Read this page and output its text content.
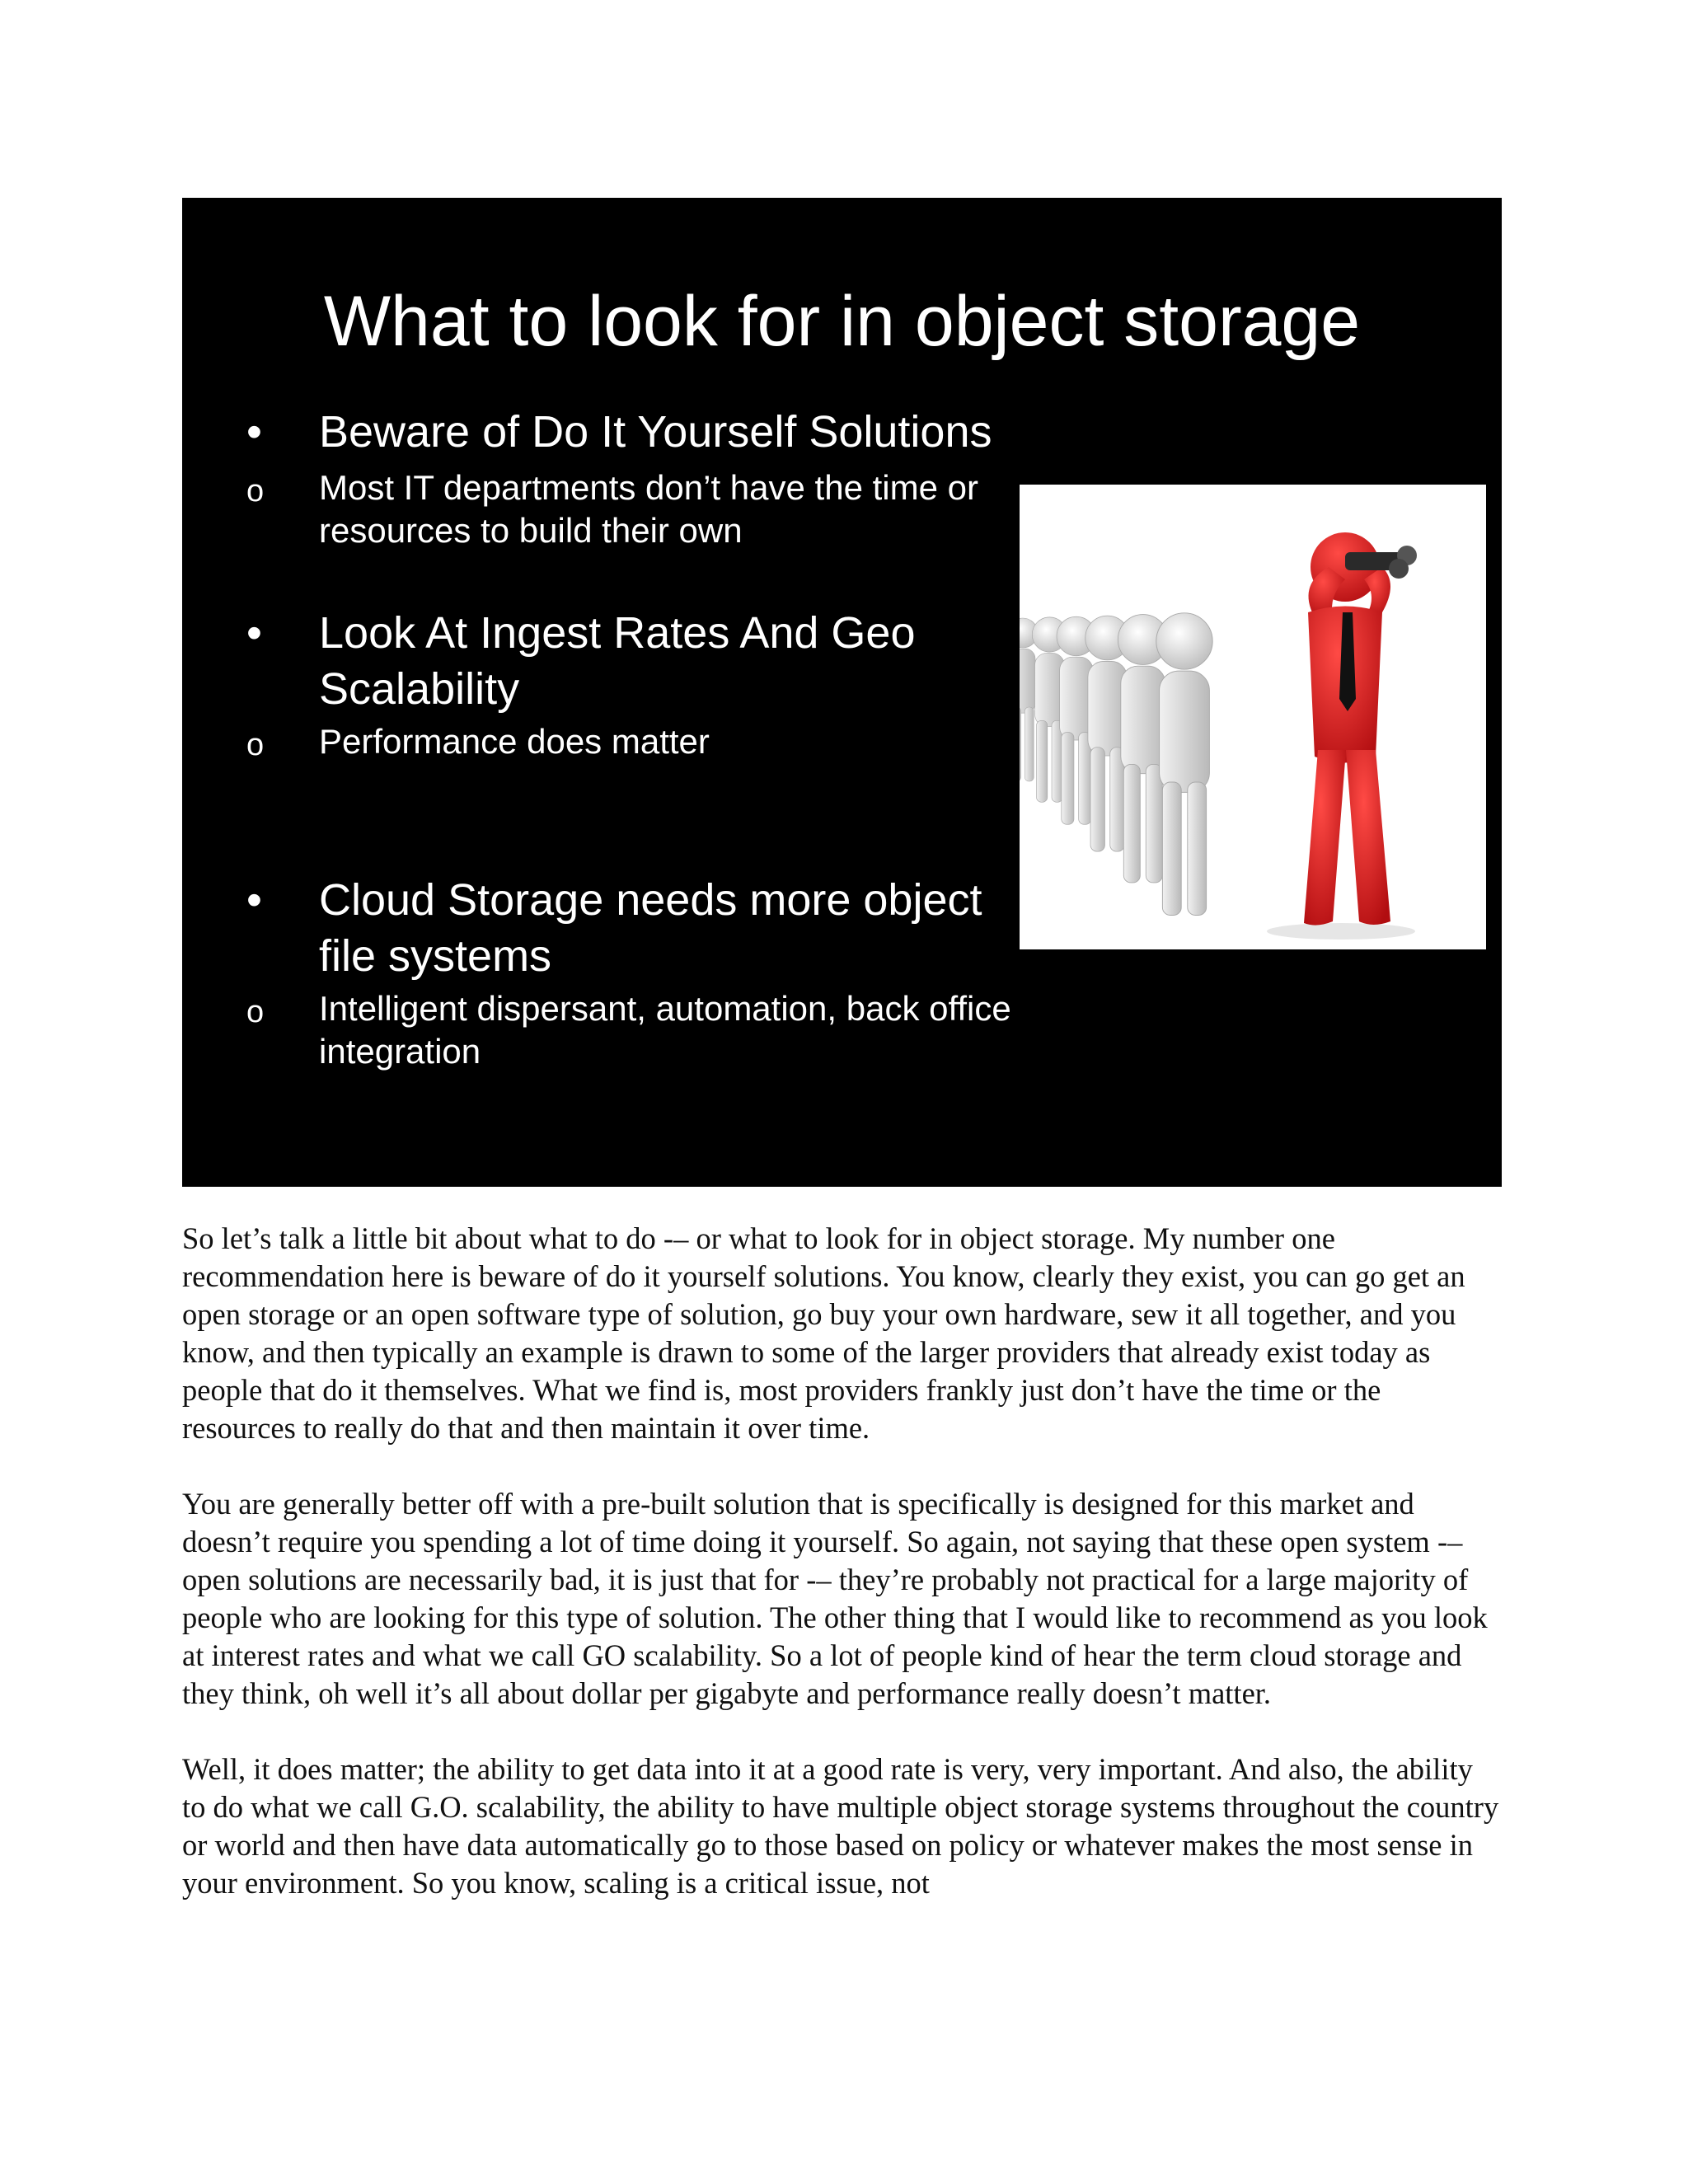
What to look for in object storage
• Beware of Do It Yourself Solutions
o Most IT departments don’t have the time or resources to build their own
• Look At Ingest Rates And Geo Scalability
o Performance does matter
• Cloud Storage needs more object file systems
o Intelligent dispersant, automation, back office integration

So let’s talk a little bit about what to do -– or what to look for in object storage. My number one recommendation here is beware of do it yourself solutions. You know, clearly they exist, you can go get an open storage or an open software type of solution, go buy your own hardware, sew it all together, and you know, and then typically an example is drawn to some of the larger providers that already exist today as people that do it themselves. What we find is, most providers frankly just don’t have the time or the resources to really do that and then maintain it over time.

You are generally better off with a pre-built solution that is specifically is designed for this market and doesn’t require you spending a lot of time doing it yourself. So again, not saying that these open system -– open solutions are necessarily bad, it is just that for -– they’re probably not practical for a large majority of people who are looking for this type of solution. The other thing that I would like to recommend as you look at interest rates and what we call GO scalability. So a lot of people kind of hear the term cloud storage and they think, oh well it’s all about dollar per gigabyte and performance really doesn’t matter.

Well, it does matter; the ability to get data into it at a good rate is very, very important. And also, the ability to do what we call G.O. scalability, the ability to have multiple object storage systems throughout the country or world and then have data automatically go to those based on policy or whatever makes the most sense in your environment. So you know, scaling is a critical issue, not
